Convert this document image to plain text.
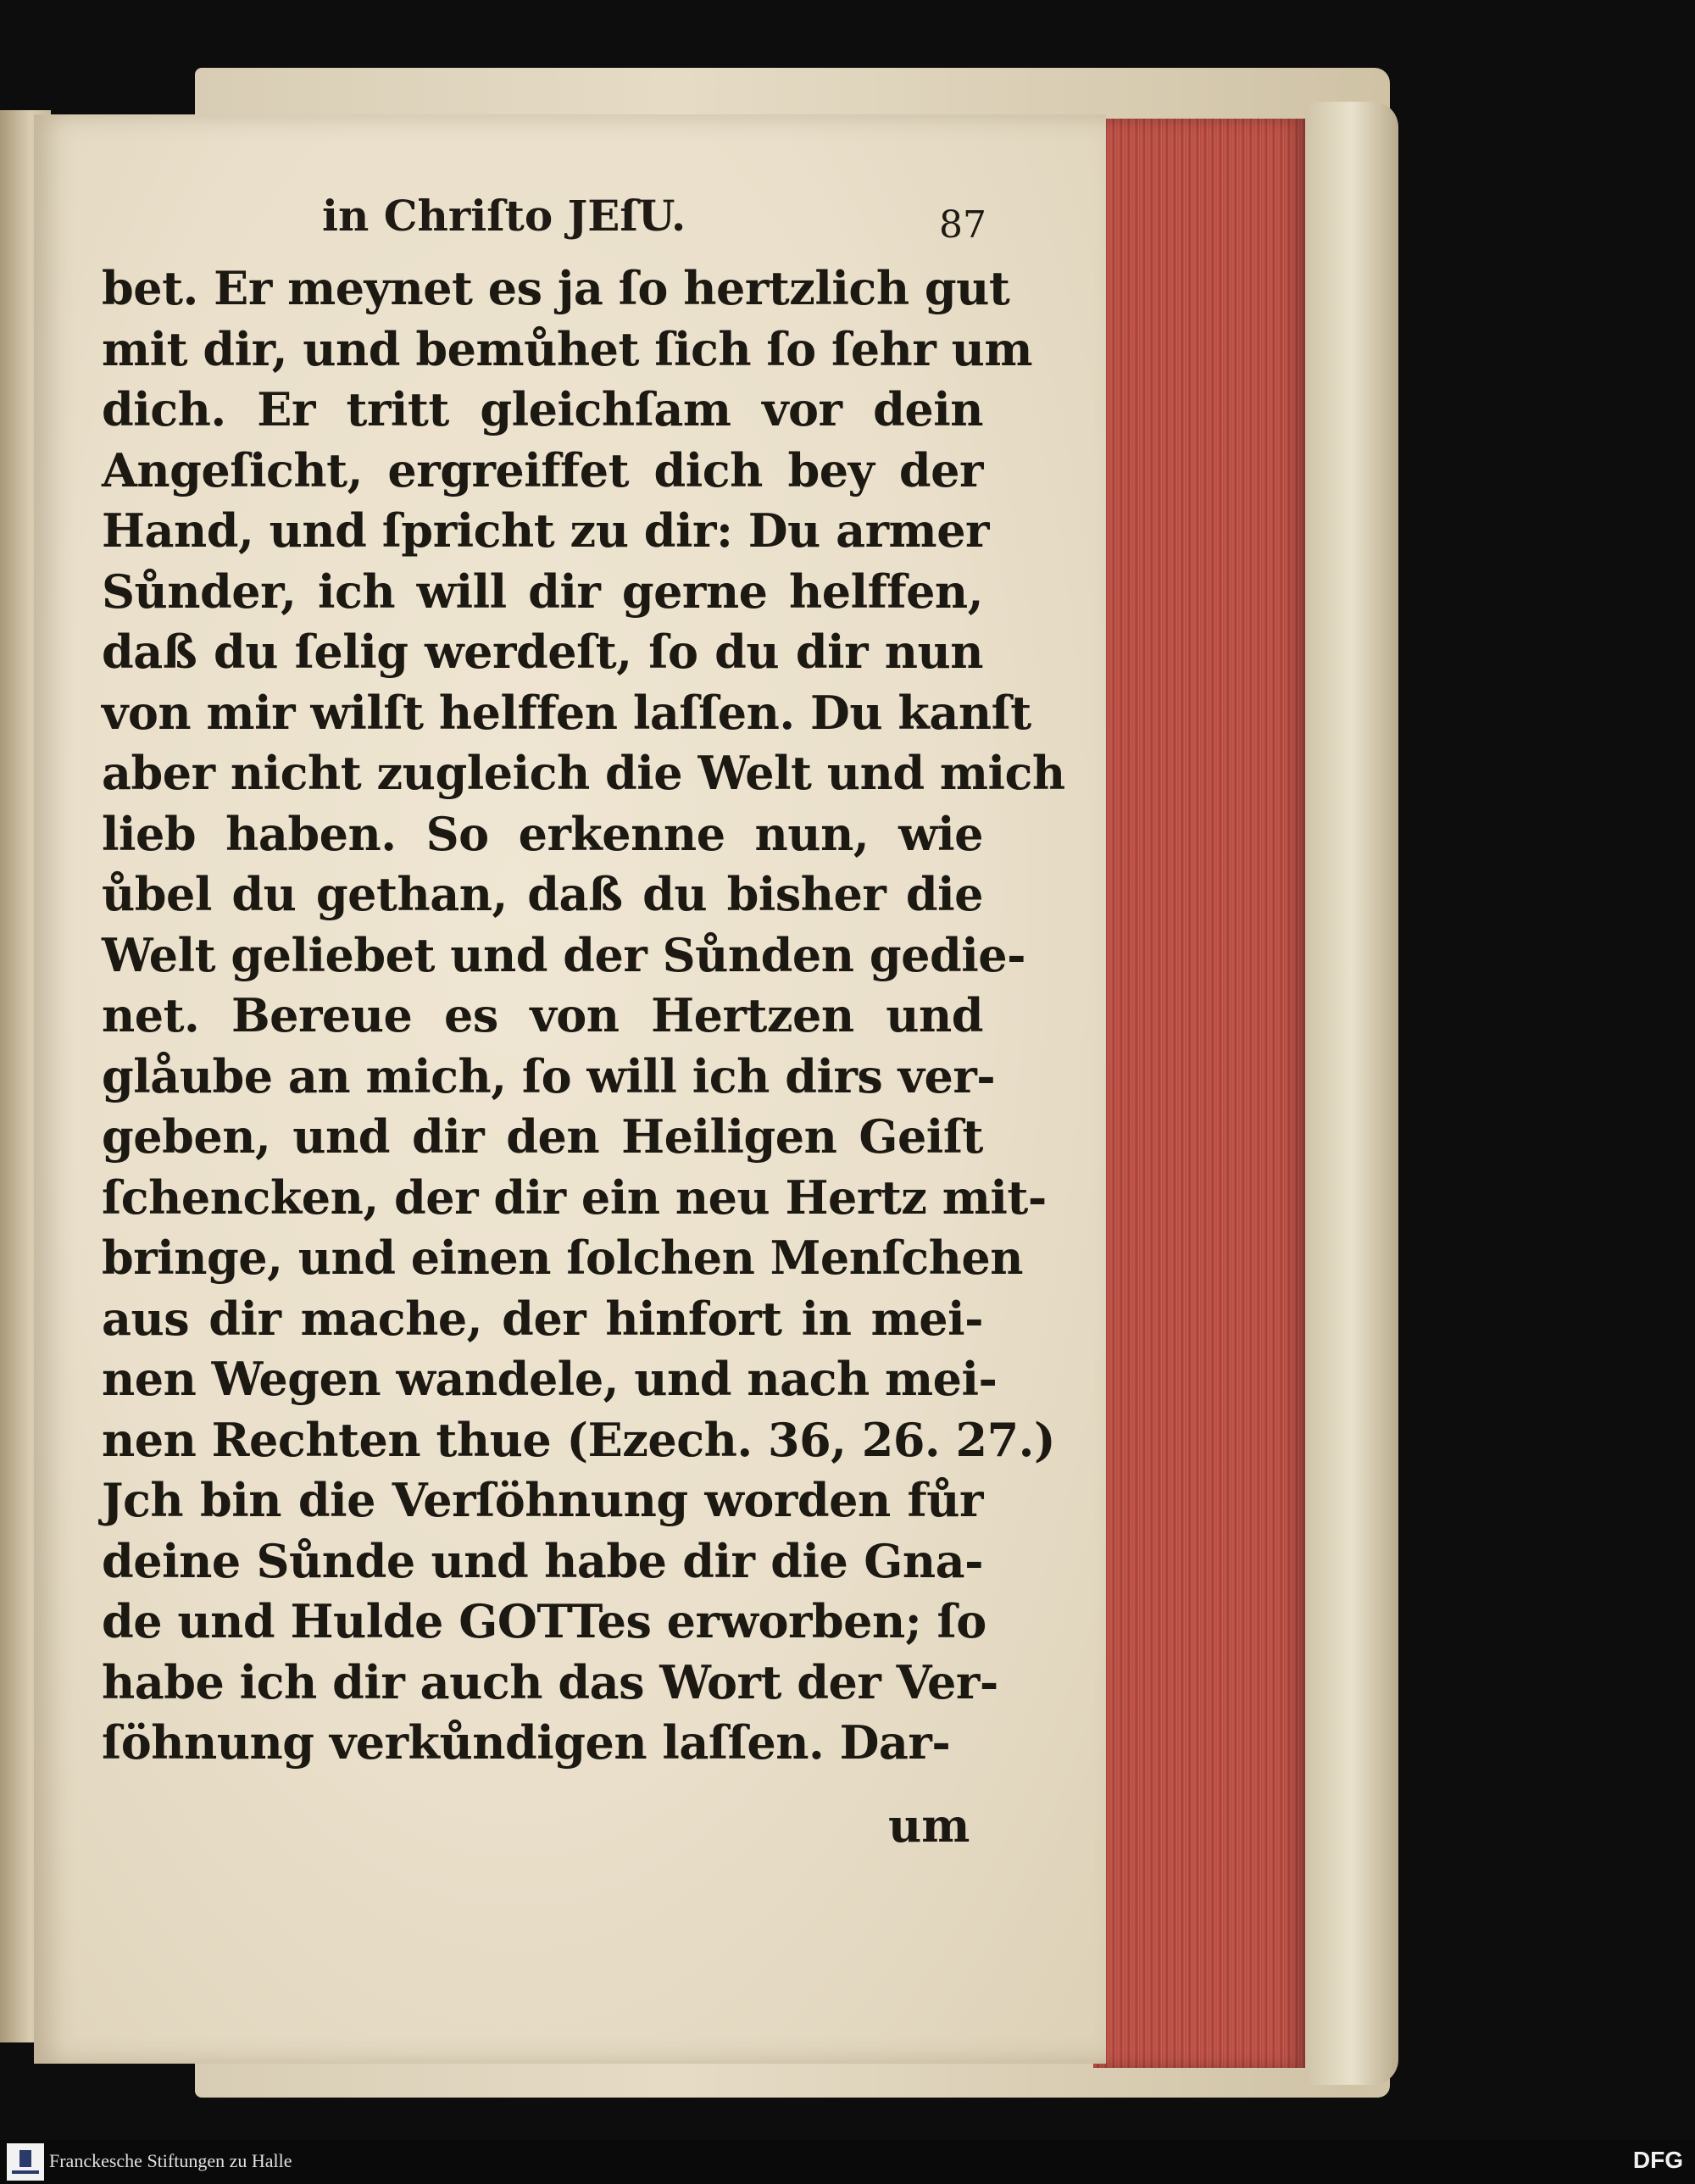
in Chriſto JEſU.	87
bet. Er meynet es ja ſo hertzlich gut
mit dir, und bemůhet ſich ſo ſehr um
dich. Er tritt gleichſam vor dein
Angeſicht, ergreiffet dich bey der
Hand, und ſpricht zu dir: Du armer
Sůnder, ich will dir gerne helffen,
daß du ſelig werdeſt, ſo du dir nun
von mir wilſt helffen laſſen. Du kanſt
aber nicht zugleich die Welt und mich
lieb haben. So erkenne nun, wie
ůbel du gethan, daß du bisher die
Welt geliebet und der Sůnden gedie-
net. Bereue es von Hertzen und
glåube an mich, ſo will ich dirs ver-
geben, und dir den Heiligen Geiſt
ſchencken, der dir ein neu Hertz mit-
bringe, und einen ſolchen Menſchen
aus dir mache, der hinfort in mei-
nen Wegen wandele, und nach mei-
nen Rechten thue (Ezech. 36, 26. 27.)
Jch bin die Verſöhnung worden fůr
deine Sůnde und habe dir die Gna-
de und Hulde GOTTes erworben; ſo
habe ich dir auch das Wort der Ver-
ſöhnung verkůndigen laſſen. Dar-
um
Franckesche Stiftungen zu Halle	DFG
